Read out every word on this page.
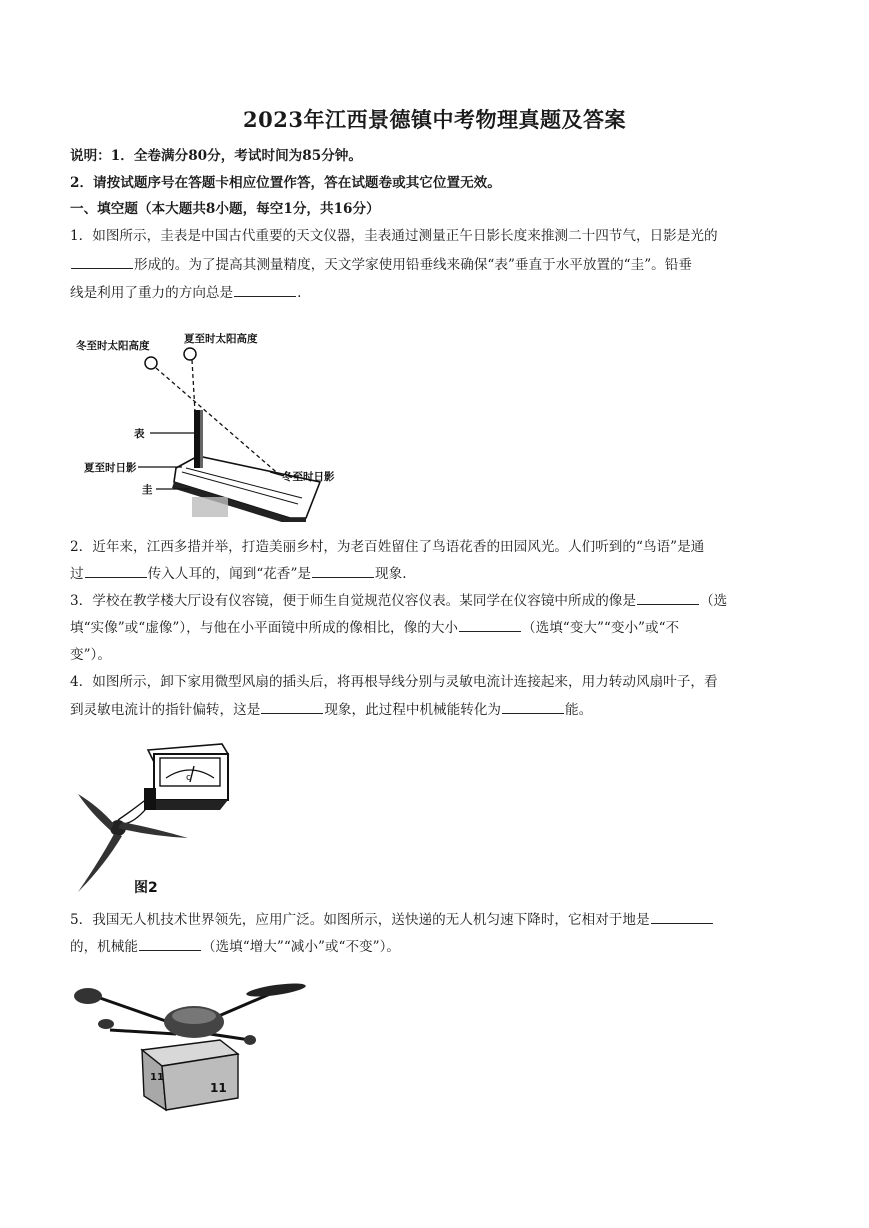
2023年江西景德镇中考物理真题及答案
说明：1．全卷满分80分，考试时间为85分钟。
2．请按试题序号在答题卡相应位置作答，答在试题卷或其它位置无效。
一、填空题（本大题共8小题，每空1分，共16分）
1．如图所示，圭表是中国古代重要的天文仪器，圭表通过测量正午日影长度来推测二十四节气，日影是光的
形成的。为了提高其测量精度，天文学家使用铅垂线来确保“表”垂直于水平放置的“圭”。铅垂
线是利用了重力的方向总是	.
冬至时太阳高度
夏至时太阳高度
表
夏至时日影
冬至时日影
圭
2．近年来，江西多措并举，打造美丽乡村，为老百姓留住了鸟语花香的田园风光。人们听到的“鸟语”是通
过	传入人耳的，闻到“花香”是	现象.
3．学校在教学楼大厅设有仪容镜，便于师生自觉规范仪容仪表。某同学在仪容镜中所成的像是	（选
填“实像”或“虚像”），与他在小平面镜中所成的像相比，像的大小	（选填“变大”“变小”或“不
变”）。
4．如图所示，卸下家用微型风扇的插头后，将再根导线分别与灵敏电流计连接起来，用力转动风扇叶子，看
到灵敏电流计的指针偏转，这是	现象，此过程中机械能转化为	能。
c
图2
5．我国无人机技术世界领先，应用广泛。如图所示，送快递的无人机匀速下降时，它相对于地是
的，机械能	（选填“增大”“减小”或“不变”）。
11
11
